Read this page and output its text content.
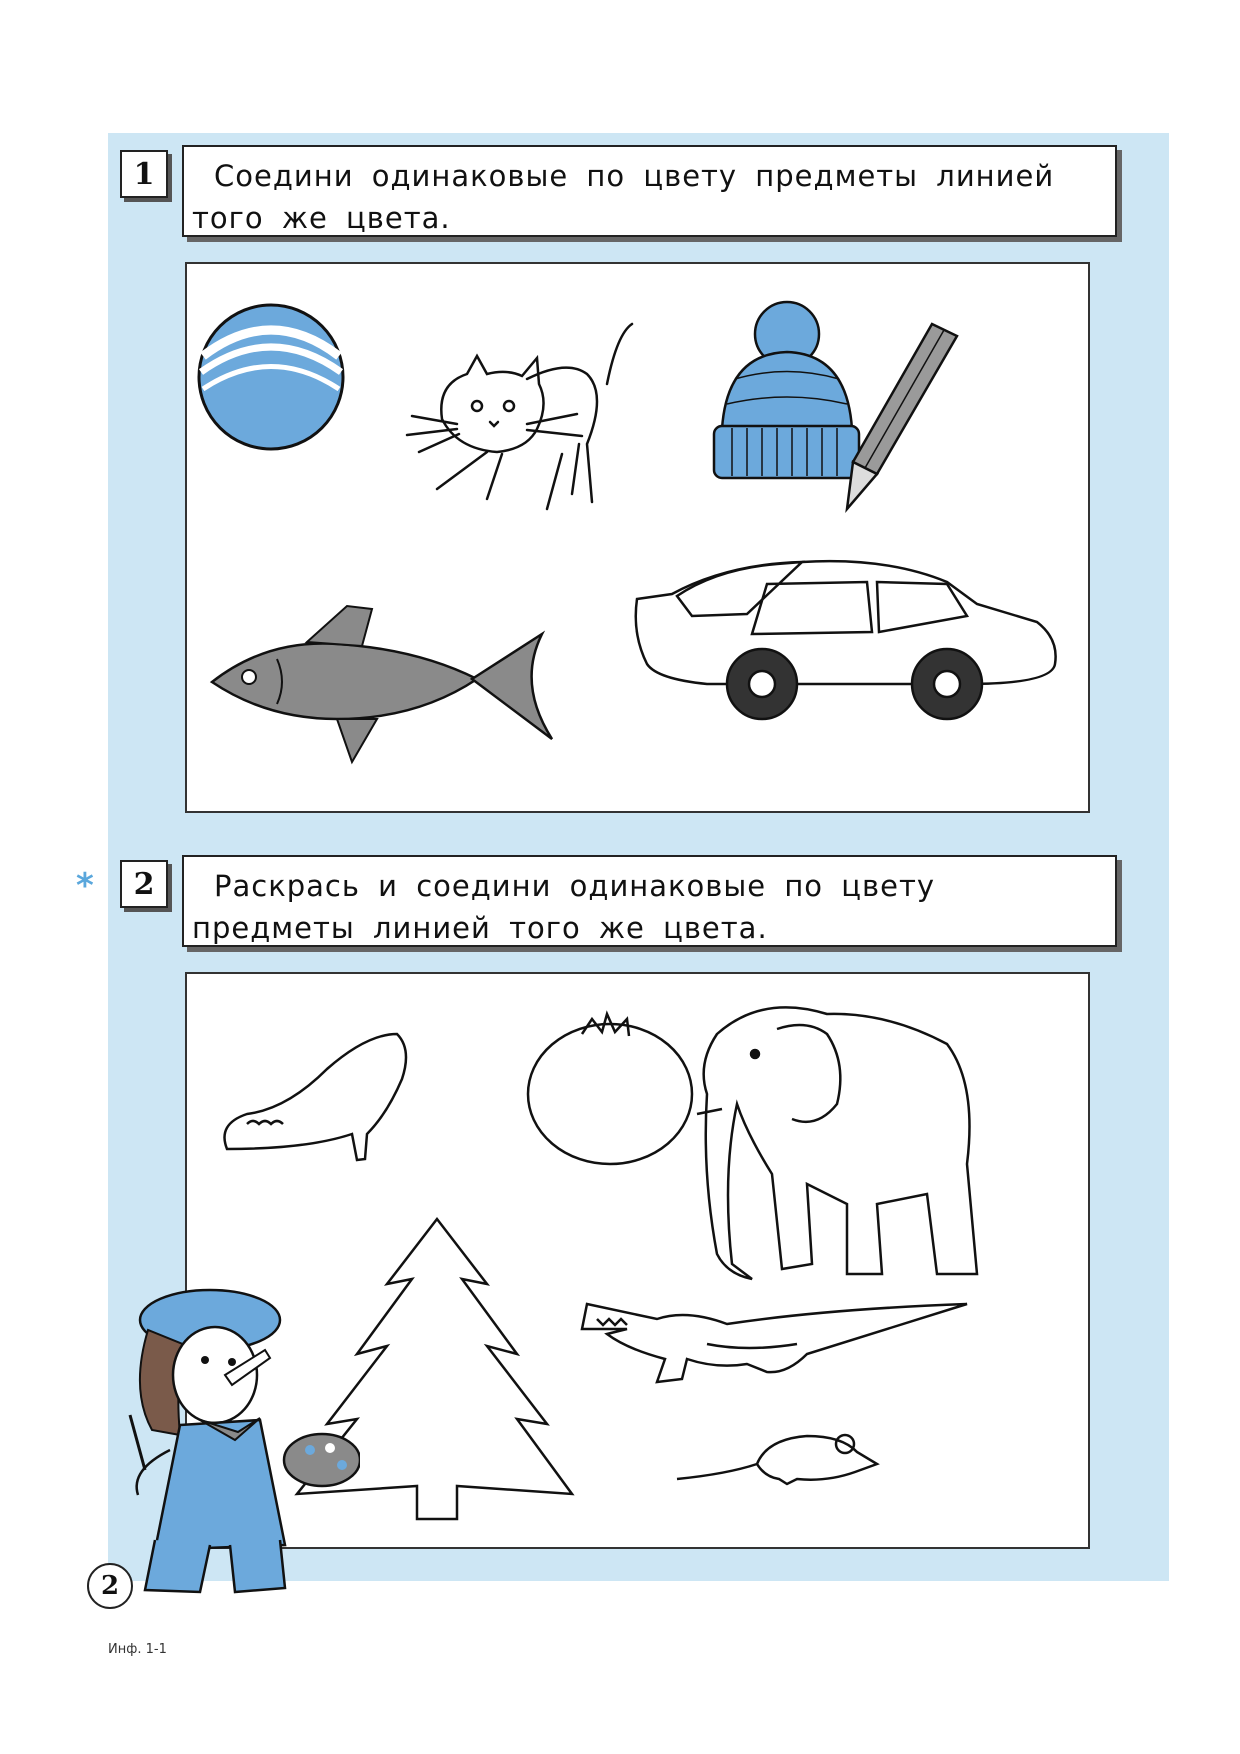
1	Соедини одинаковые по цвету предметы линией того же цвета.

*	2	Раскрась и соедини одинаковые по цвету предметы линией того же цвета.

2
Инф. 1-1
